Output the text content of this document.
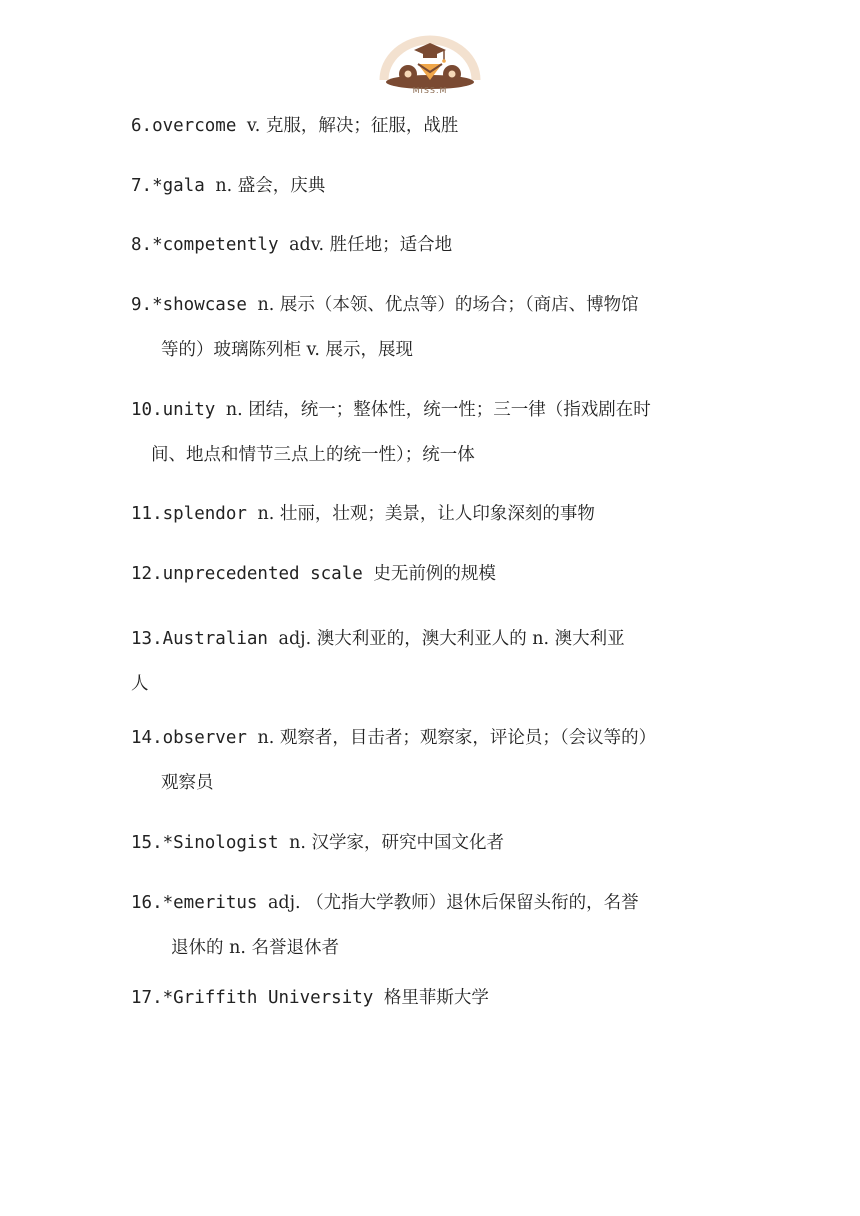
MISS.M
6.overcome v. 克服，解决；征服，战胜
7.*gala n. 盛会，庆典
8.*competently adv. 胜任地；适合地
9.*showcase n. 展示（本领、优点等）的场合；（商店、博物馆
等的）玻璃陈列柜 v. 展示，展现
10.unity n. 团结，统一；整体性，统一性；三一律（指戏剧在时
间、地点和情节三点上的统一性）；统一体
11.splendor n. 壮丽，壮观；美景，让人印象深刻的事物
12.unprecedented scale 史无前例的规模
13.Australian adj. 澳大利亚的，澳大利亚人的 n. 澳大利亚
人
14.observer n. 观察者，目击者；观察家，评论员；（会议等的）
观察员
15.*Sinologist n. 汉学家，研究中国文化者
16.*emeritus adj. （尤指大学教师）退休后保留头衔的，名誉
退休的 n. 名誉退休者
17.*Griffith University 格里菲斯大学
